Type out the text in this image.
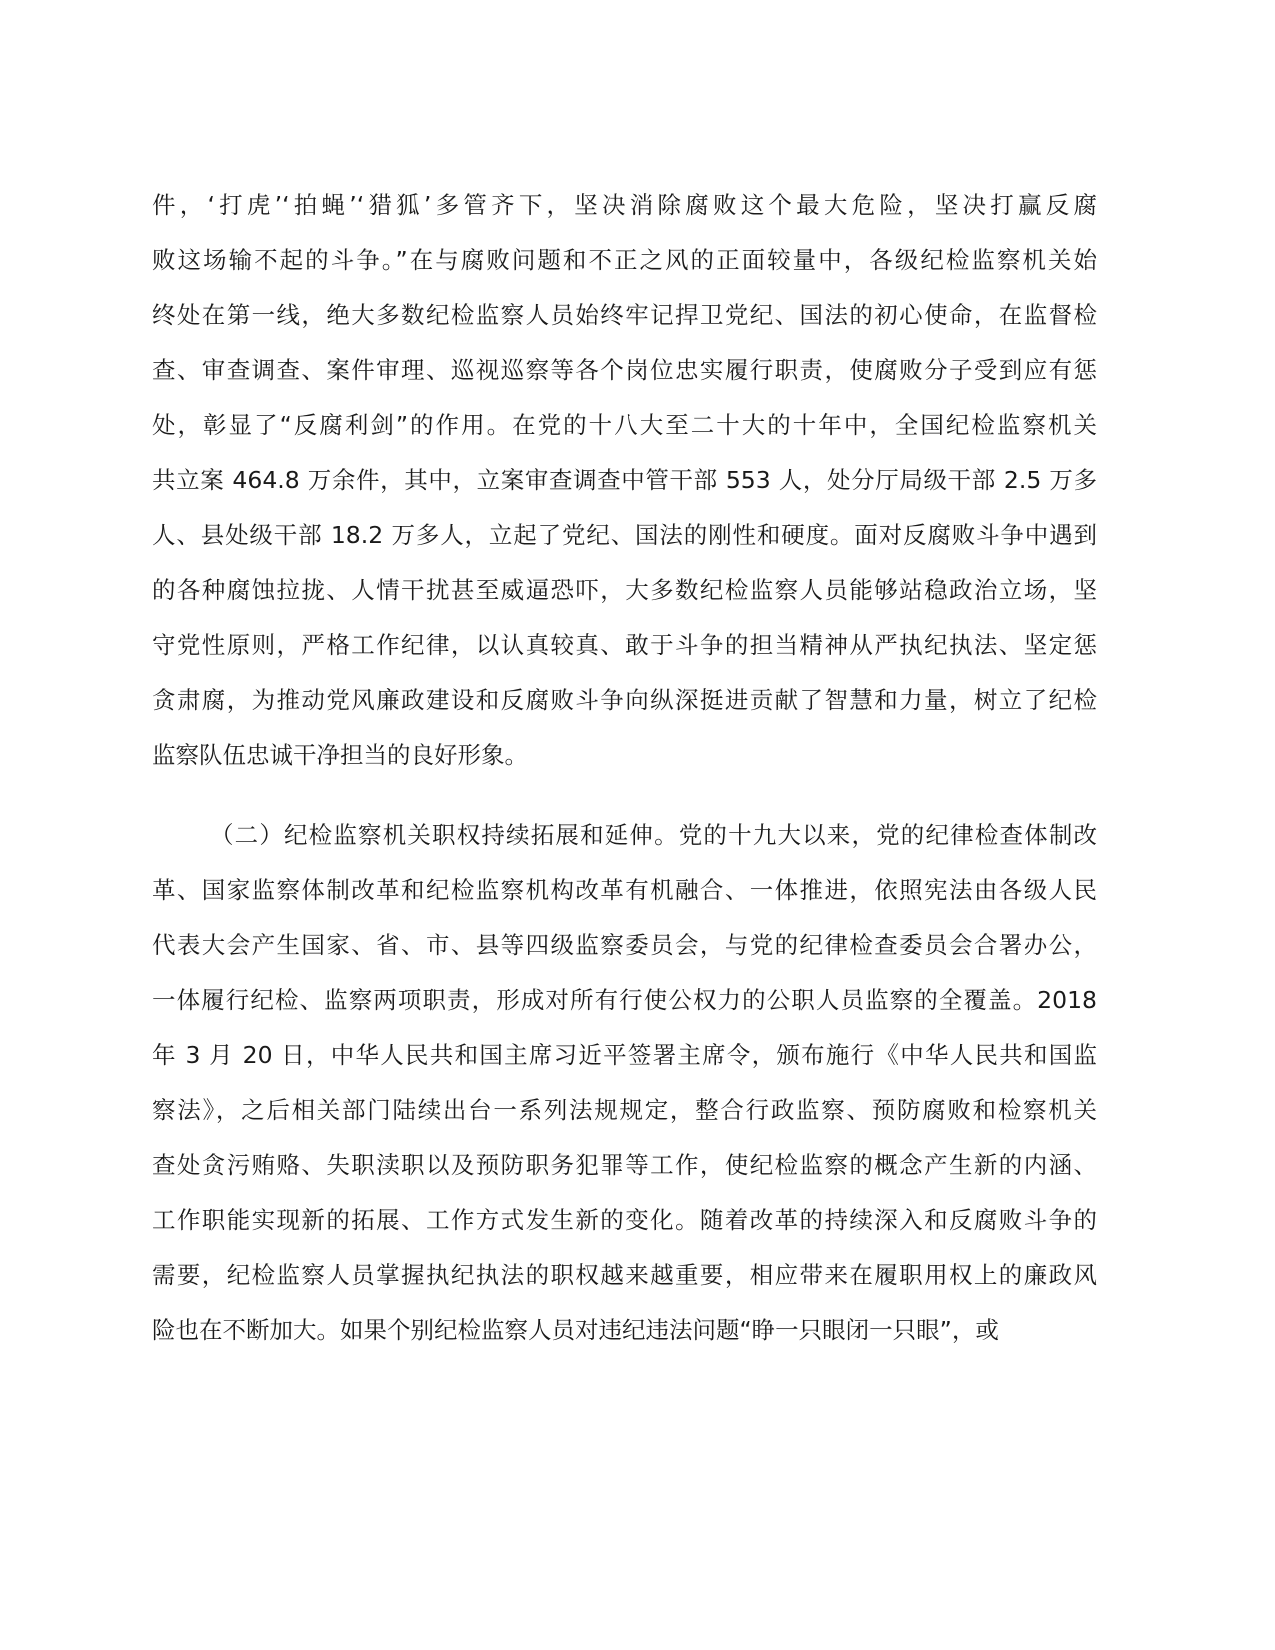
件，‘打虎’‘拍蝇’‘猎狐’多管齐下，坚决消除腐败这个最大危险，坚决打赢反腐
败这场输不起的斗争。”在与腐败问题和不正之风的正面较量中，各级纪检监察机关始
终处在第一线，绝大多数纪检监察人员始终牢记捍卫党纪、国法的初心使命，在监督检
查、审查调查、案件审理、巡视巡察等各个岗位忠实履行职责，使腐败分子受到应有惩
处，彰显了“反腐利剑”的作用。在党的十八大至二十大的十年中，全国纪检监察机关
共立案 464.8 万余件，其中，立案审查调查中管干部 553 人，处分厅局级干部 2.5 万多
人、县处级干部 18.2 万多人，立起了党纪、国法的刚性和硬度。面对反腐败斗争中遇到
的各种腐蚀拉拢、人情干扰甚至威逼恐吓，大多数纪检监察人员能够站稳政治立场，坚
守党性原则，严格工作纪律，以认真较真、敢于斗争的担当精神从严执纪执法、坚定惩
贪肃腐，为推动党风廉政建设和反腐败斗争向纵深挺进贡献了智慧和力量，树立了纪检
监察队伍忠诚干净担当的良好形象。
（二）纪检监察机关职权持续拓展和延伸。党的十九大以来，党的纪律检查体制改
革、国家监察体制改革和纪检监察机构改革有机融合、一体推进，依照宪法由各级人民
代表大会产生国家、省、市、县等四级监察委员会，与党的纪律检查委员会合署办公，
一体履行纪检、监察两项职责，形成对所有行使公权力的公职人员监察的全覆盖。2018
年 3 月 20 日，中华人民共和国主席习近平签署主席令，颁布施行《中华人民共和国监
察法》，之后相关部门陆续出台一系列法规规定，整合行政监察、预防腐败和检察机关
查处贪污贿赂、失职渎职以及预防职务犯罪等工作，使纪检监察的概念产生新的内涵、
工作职能实现新的拓展、工作方式发生新的变化。随着改革的持续深入和反腐败斗争的
需要，纪检监察人员掌握执纪执法的职权越来越重要，相应带来在履职用权上的廉政风
险也在不断加大。如果个别纪检监察人员对违纪违法问题“睁一只眼闭一只眼”，或
